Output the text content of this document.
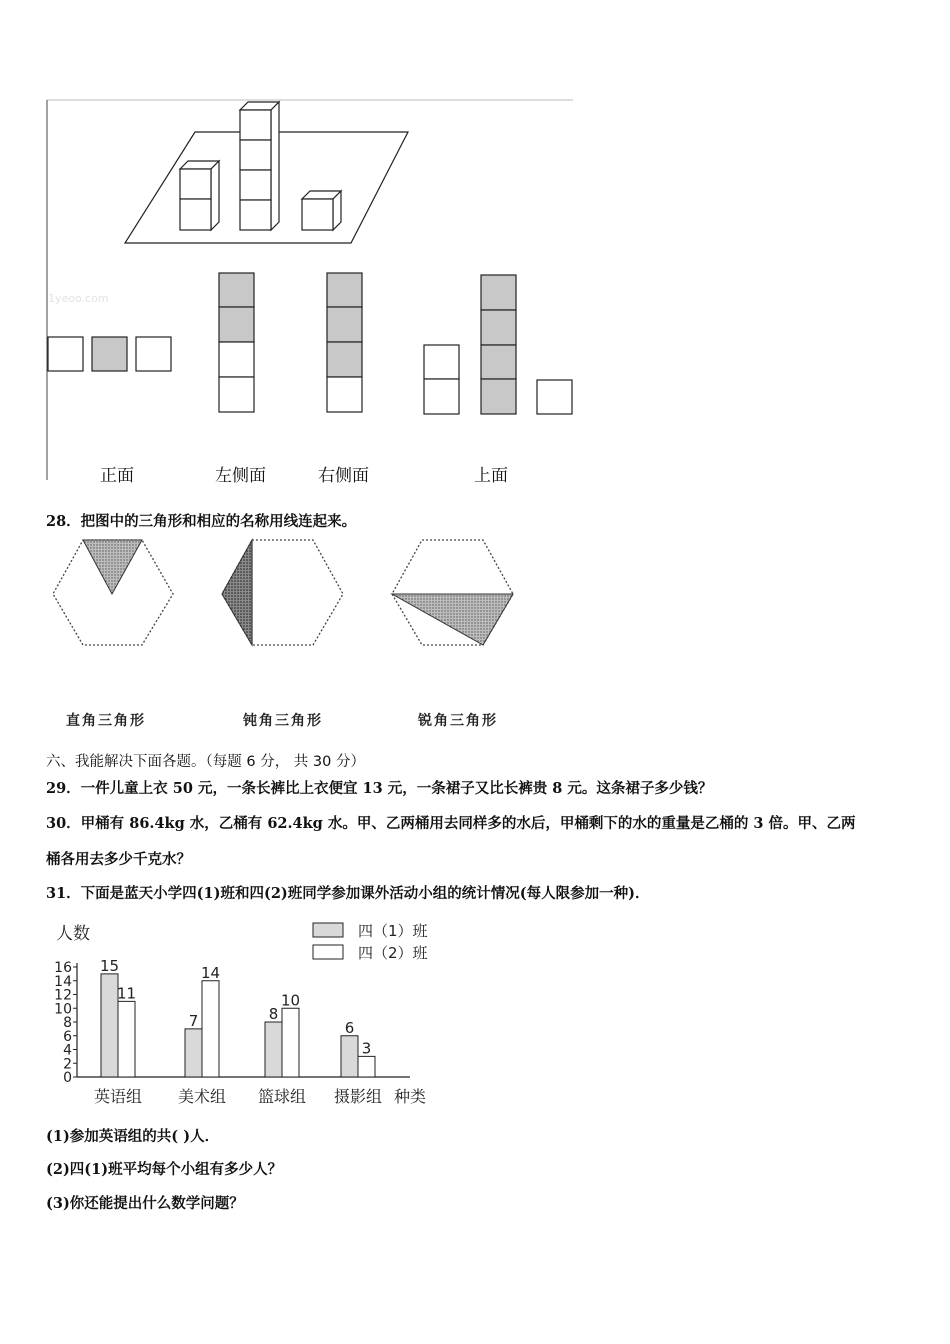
1yeoo.com
正面	左侧面	右侧面	上面
28．把图中的三角形和相应的名称用线连起来。
直角三角形	钝角三角形	锐角三角形
六、我能解决下面各题。（每题 6 分， 共 30 分）
29．一件儿童上衣 50 元，一条长裤比上衣便宜 13 元，一条裙子又比长裤贵 8 元。这条裙子多少钱？
30．甲桶有 86.4kg 水，乙桶有 62.4kg 水。甲、乙两桶用去同样多的水后，甲桶剩下的水的重量是乙桶的 3 倍。甲、乙两
桶各用去多少千克水？
31．下面是蓝天小学四(1)班和四(2)班同学参加课外活动小组的统计情况(每人限参加一种)．
人数
0
2
4
6
8
10
12
14
16 15
11
英语组
7
14
美术组
8
10
篮球组
6
3
摄影组 种类
四（1）班
四（2）班
(1)参加英语组的共( )人．
(2)四(1)班平均每个小组有多少人？
(3)你还能提出什么数学问题？
